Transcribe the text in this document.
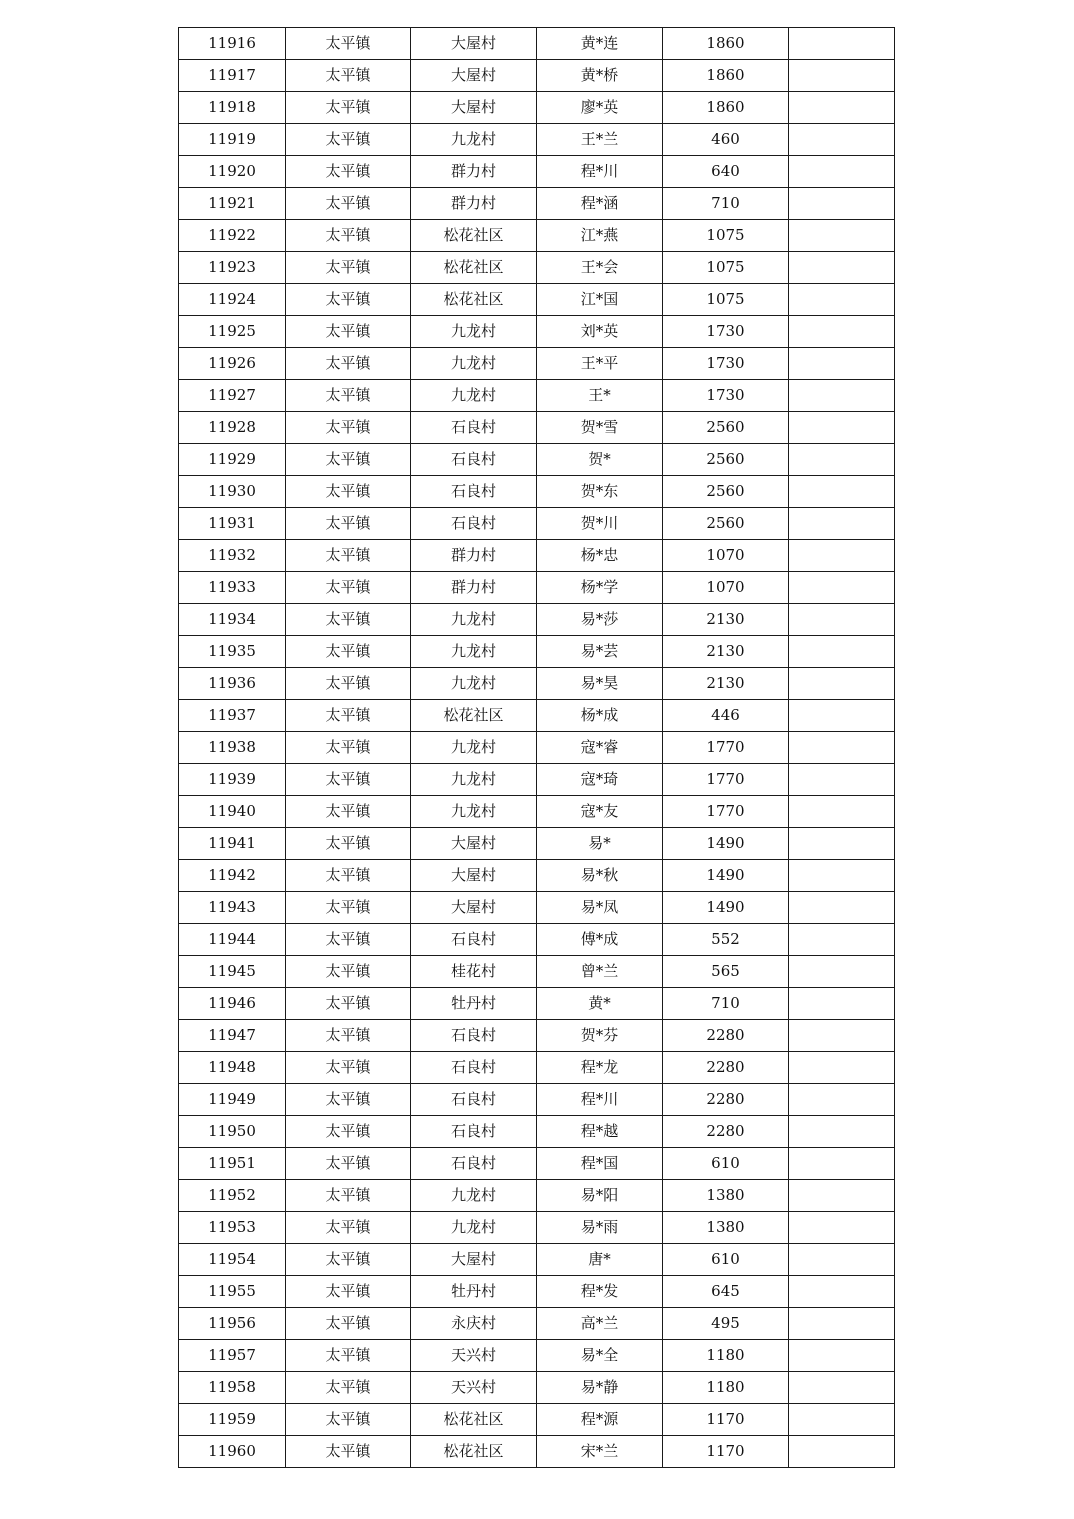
11916	太平镇	大屋村	黄*连	1860	
11917	太平镇	大屋村	黄*桥	1860	
11918	太平镇	大屋村	廖*英	1860	
11919	太平镇	九龙村	王*兰	460	
11920	太平镇	群力村	程*川	640	
11921	太平镇	群力村	程*涵	710	
11922	太平镇	松花社区	江*燕	1075	
11923	太平镇	松花社区	王*会	1075	
11924	太平镇	松花社区	江*国	1075	
11925	太平镇	九龙村	刘*英	1730	
11926	太平镇	九龙村	王*平	1730	
11927	太平镇	九龙村	王*	1730	
11928	太平镇	石良村	贺*雪	2560	
11929	太平镇	石良村	贺*	2560	
11930	太平镇	石良村	贺*东	2560	
11931	太平镇	石良村	贺*川	2560	
11932	太平镇	群力村	杨*忠	1070	
11933	太平镇	群力村	杨*学	1070	
11934	太平镇	九龙村	易*莎	2130	
11935	太平镇	九龙村	易*芸	2130	
11936	太平镇	九龙村	易*昊	2130	
11937	太平镇	松花社区	杨*成	446	
11938	太平镇	九龙村	寇*睿	1770	
11939	太平镇	九龙村	寇*琦	1770	
11940	太平镇	九龙村	寇*友	1770	
11941	太平镇	大屋村	易*	1490	
11942	太平镇	大屋村	易*秋	1490	
11943	太平镇	大屋村	易*凤	1490	
11944	太平镇	石良村	傅*成	552	
11945	太平镇	桂花村	曾*兰	565	
11946	太平镇	牡丹村	黄*	710	
11947	太平镇	石良村	贺*芬	2280	
11948	太平镇	石良村	程*龙	2280	
11949	太平镇	石良村	程*川	2280	
11950	太平镇	石良村	程*越	2280	
11951	太平镇	石良村	程*国	610	
11952	太平镇	九龙村	易*阳	1380	
11953	太平镇	九龙村	易*雨	1380	
11954	太平镇	大屋村	唐*	610	
11955	太平镇	牡丹村	程*发	645	
11956	太平镇	永庆村	高*兰	495	
11957	太平镇	天兴村	易*全	1180	
11958	太平镇	天兴村	易*静	1180	
11959	太平镇	松花社区	程*源	1170	
11960	太平镇	松花社区	宋*兰	1170	
